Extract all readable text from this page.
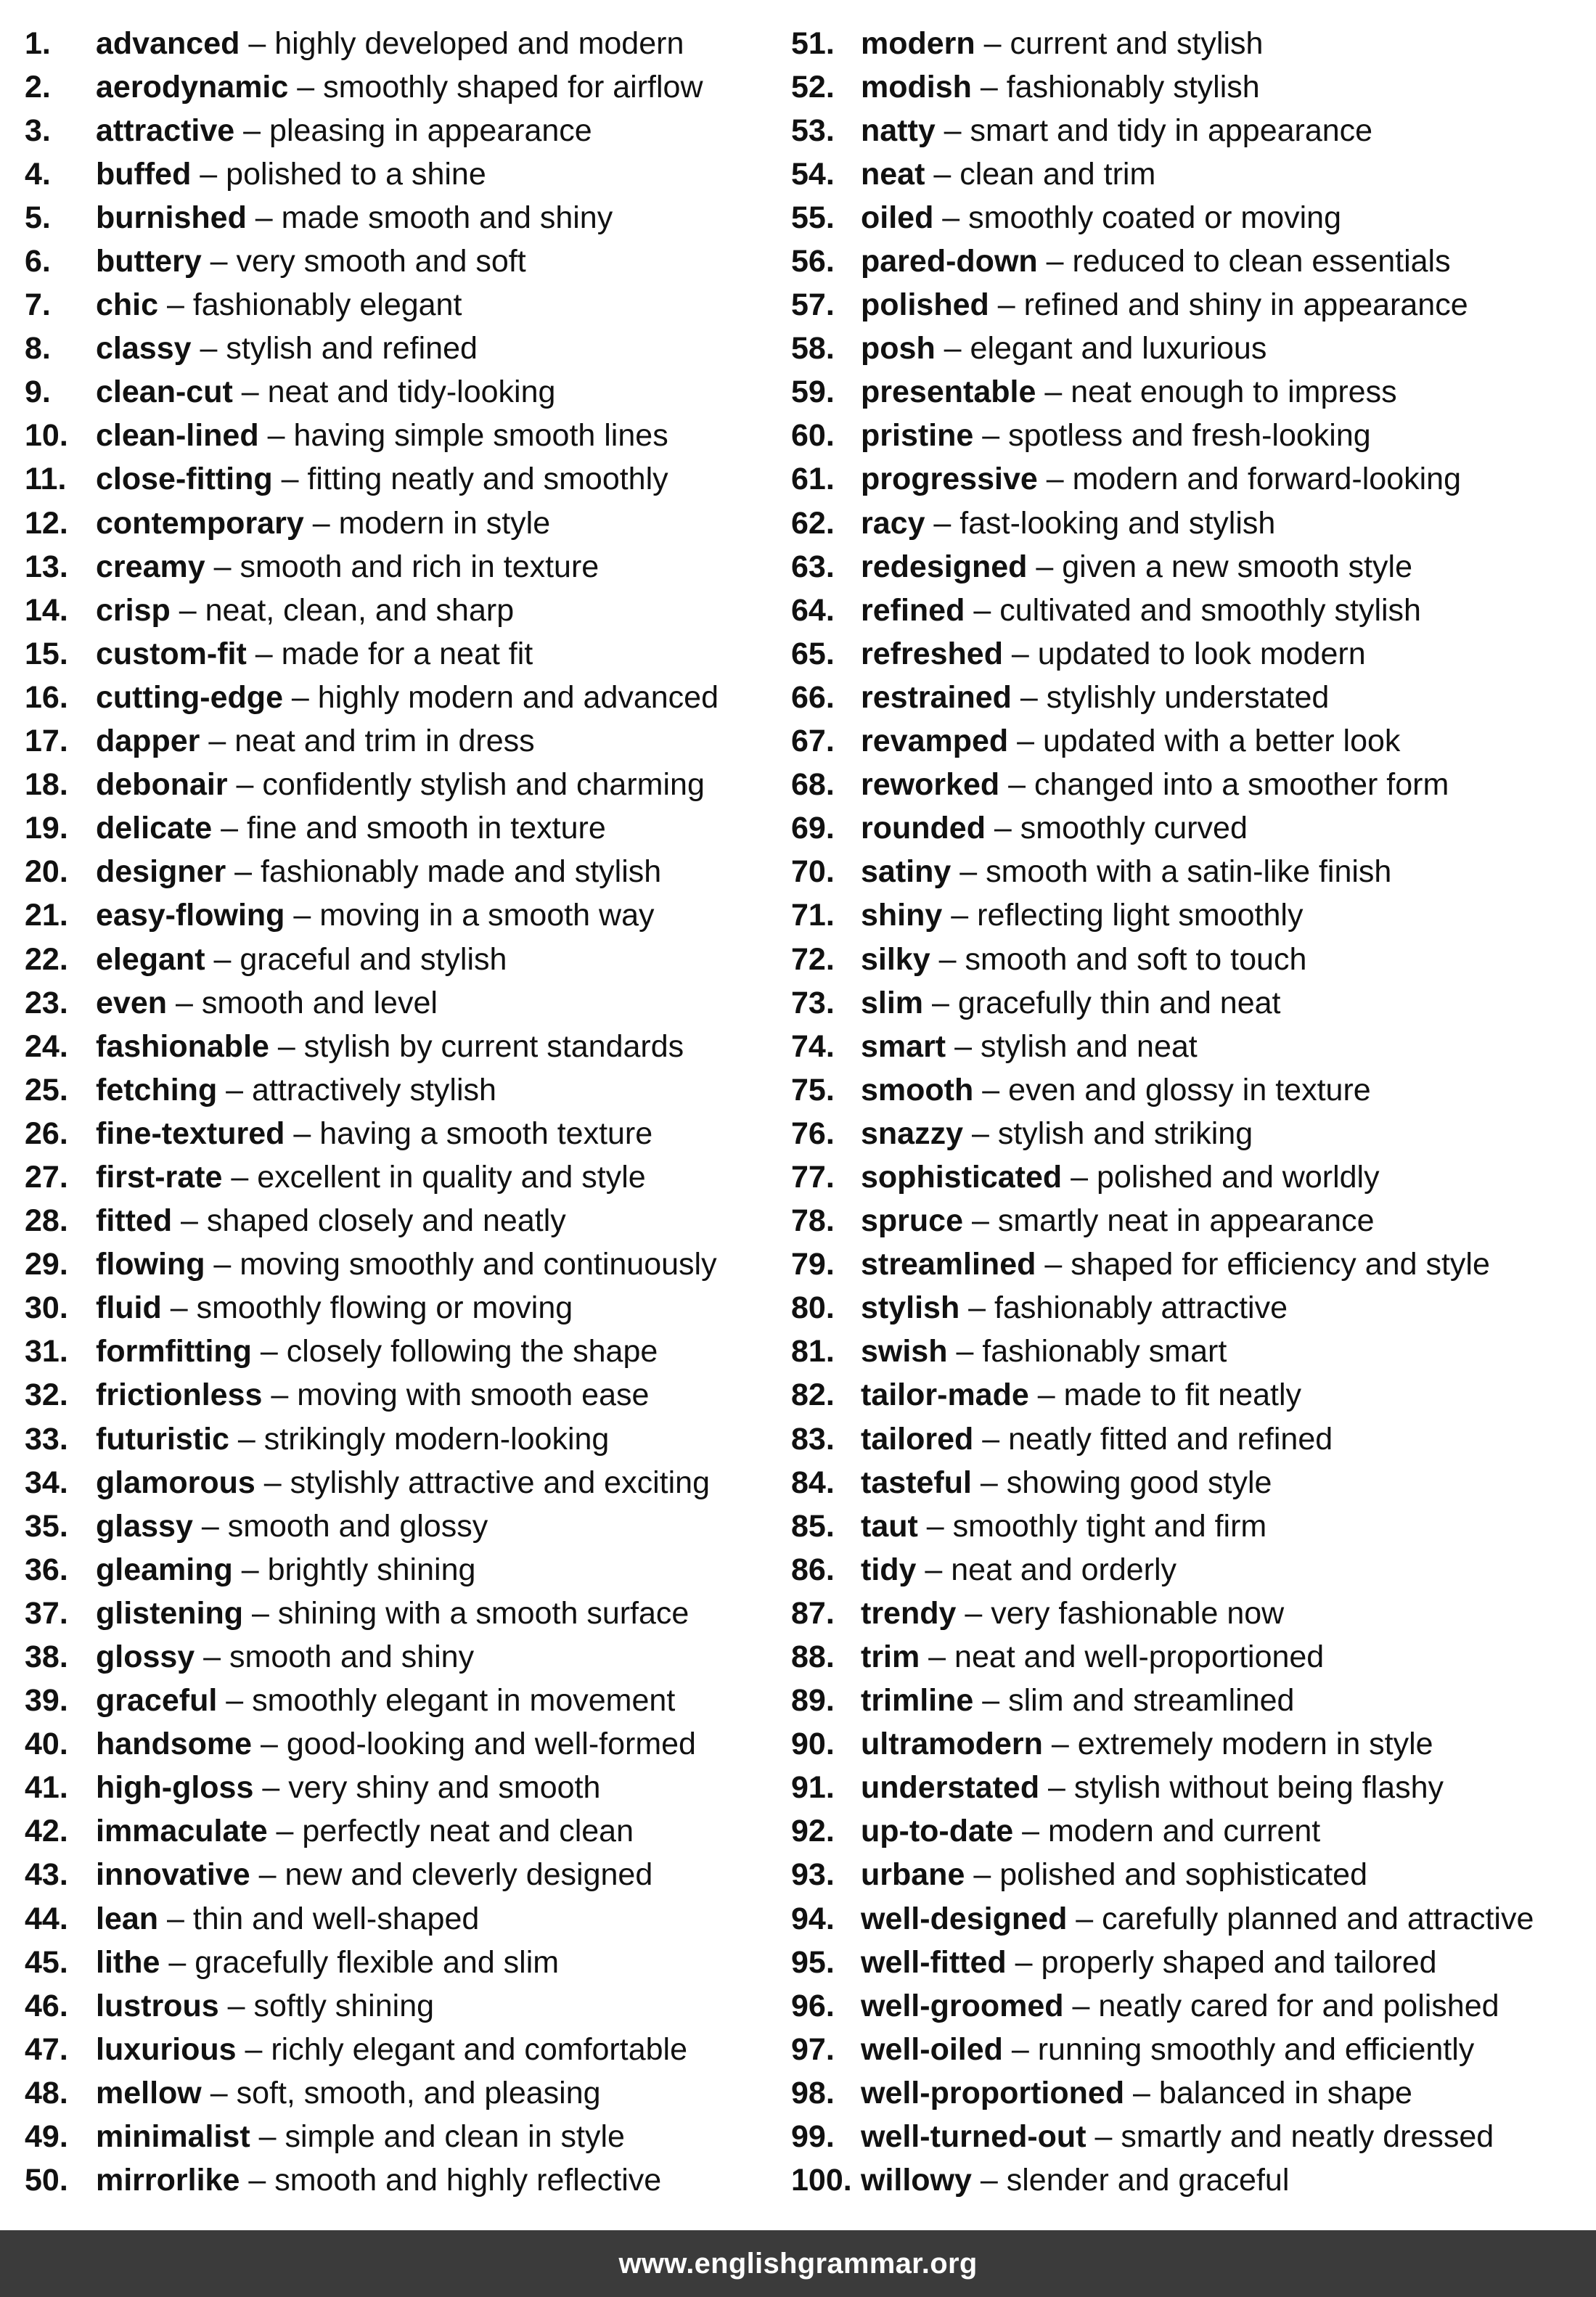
1.	advanced – highly developed and modern
2.	aerodynamic – smoothly shaped for airflow
3.	attractive – pleasing in appearance
4.	buffed – polished to a shine
5.	burnished – made smooth and shiny
6.	buttery – very smooth and soft
7.	chic – fashionably elegant
8.	classy – stylish and refined
9.	clean-cut – neat and tidy-looking
10. clean-lined – having simple smooth lines
11. close-fitting – fitting neatly and smoothly
12. contemporary – modern in style
13. creamy – smooth and rich in texture
14. crisp – neat, clean, and sharp
15. custom-fit – made for a neat fit
16. cutting-edge – highly modern and advanced
17. dapper – neat and trim in dress
18. debonair – confidently stylish and charming
19. delicate – fine and smooth in texture
20. designer – fashionably made and stylish
21. easy-flowing – moving in a smooth way
22. elegant – graceful and stylish
23. even – smooth and level
24. fashionable – stylish by current standards
25. fetching – attractively stylish
26. fine-textured – having a smooth texture
27. first-rate – excellent in quality and style
28. fitted – shaped closely and neatly
29. flowing – moving smoothly and continuously
30. fluid – smoothly flowing or moving
31. formfitting – closely following the shape
32. frictionless – moving with smooth ease
33. futuristic – strikingly modern-looking
34. glamorous – stylishly attractive and exciting
35. glassy – smooth and glossy
36. gleaming – brightly shining
37. glistening – shining with a smooth surface
38. glossy – smooth and shiny
39. graceful – smoothly elegant in movement
40. handsome – good-looking and well-formed
41. high-gloss – very shiny and smooth
42. immaculate – perfectly neat and clean
43. innovative – new and cleverly designed
44. lean – thin and well-shaped
45. lithe – gracefully flexible and slim
46. lustrous – softly shining
47. luxurious – richly elegant and comfortable
48. mellow – soft, smooth, and pleasing
49. minimalist – simple and clean in style
50. mirrorlike – smooth and highly reflective
51. modern – current and stylish
52. modish – fashionably stylish
53. natty – smart and tidy in appearance
54. neat – clean and trim
55. oiled – smoothly coated or moving
56. pared-down – reduced to clean essentials
57. polished – refined and shiny in appearance
58. posh – elegant and luxurious
59. presentable – neat enough to impress
60. pristine – spotless and fresh-looking
61. progressive – modern and forward-looking
62. racy – fast-looking and stylish
63. redesigned – given a new smooth style
64. refined – cultivated and smoothly stylish
65. refreshed – updated to look modern
66. restrained – stylishly understated
67. revamped – updated with a better look
68. reworked – changed into a smoother form
69. rounded – smoothly curved
70. satiny – smooth with a satin-like finish
71. shiny – reflecting light smoothly
72. silky – smooth and soft to touch
73. slim – gracefully thin and neat
74. smart – stylish and neat
75. smooth – even and glossy in texture
76. snazzy – stylish and striking
77. sophisticated – polished and worldly
78. spruce – smartly neat in appearance
79. streamlined – shaped for efficiency and style
80. stylish – fashionably attractive
81. swish – fashionably smart
82. tailor-made – made to fit neatly
83. tailored – neatly fitted and refined
84. tasteful – showing good style
85. taut – smoothly tight and firm
86. tidy – neat and orderly
87. trendy – very fashionable now
88. trim – neat and well-proportioned
89. trimline – slim and streamlined
90. ultramodern – extremely modern in style
91. understated – stylish without being flashy
92. up-to-date – modern and current
93. urbane – polished and sophisticated
94. well-designed – carefully planned and attractive
95. well-fitted – properly shaped and tailored
96. well-groomed – neatly cared for and polished
97. well-oiled – running smoothly and efficiently
98. well-proportioned – balanced in shape
99. well-turned-out – smartly and neatly dressed
100. willowy – slender and graceful
www.englishgrammar.org
